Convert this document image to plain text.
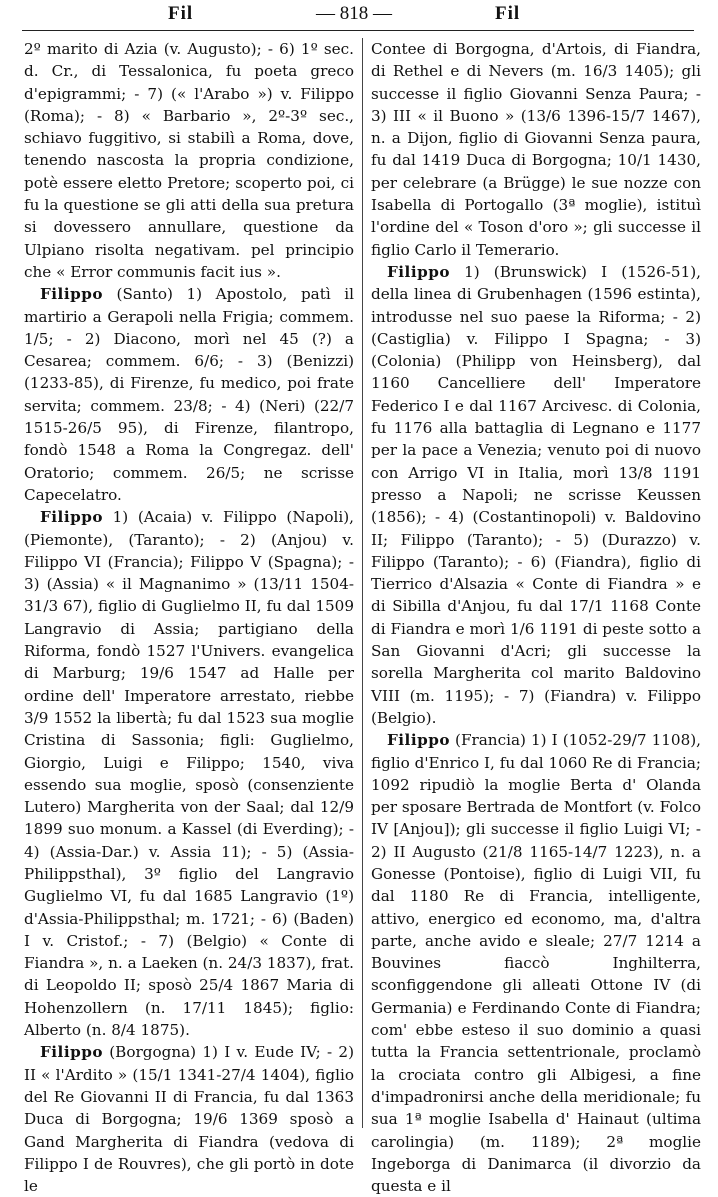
Fil	— 818 —	Fil

2º marito di Azia (v. Augusto); - 6) 1º sec. d. Cr., di Tessalonica, fu poeta greco d'epigrammi; - 7) (« l'Arabo ») v. Filippo (Roma); - 8) « Barbario », 2º-3º sec., schiavo fuggitivo, si stabilì a Roma, dove, tenendo nascosta la propria condizione, potè essere eletto Pretore; scoperto poi, ci fu la questione se gli atti della sua pretura si dovessero annullare, questione da Ulpiano risolta negativam. pel principio che « Error communis facit ius ».

Filippo (Santo) 1) Apostolo, patì il martirio a Gerapoli nella Frigia; commem. 1/5; - 2) Diacono, morì nel 45 (?) a Cesarea; commem. 6/6; - 3) (Benizzi) (1233-85), di Firenze, fu medico, poi frate servita; commem. 23/8; - 4) (Neri) (22/7 1515-26/5 95), di Firenze, filantropo, fondò 1548 a Roma la Congregaz. dell' Oratorio; commem. 26/5; ne scrisse Capecelatro.

Filippo 1) (Acaia) v. Filippo (Napoli), (Piemonte), (Taranto); - 2) (Anjou) v. Filippo VI (Francia); Filippo V (Spagna); - 3) (Assia) « il Magnanimo » (13/11 1504-31/3 67), figlio di Guglielmo II, fu dal 1509 Langravio di Assia; partigiano della Riforma, fondò 1527 l'Univers. evangelica di Marburg; 19/6 1547 ad Halle per ordine dell' Imperatore arrestato, riebbe 3/9 1552 la libertà; fu dal 1523 sua moglie Cristina di Sassonia; figli: Guglielmo, Giorgio, Luigi e Filippo; 1540, viva essendo sua moglie, sposò (consenziente Lutero) Margherita von der Saal; dal 12/9 1899 suo monum. a Kassel (di Everding); - 4) (Assia-Dar.) v. Assia 11); - 5) (Assia-Philippsthal), 3º figlio del Langravio Guglielmo VI, fu dal 1685 Langravio (1º) d'Assia-Philippsthal; m. 1721; - 6) (Baden) I v. Cristof.; - 7) (Belgio) « Conte di Fiandra », n. a Laeken (n. 24/3 1837), frat. di Leopoldo II; sposò 25/4 1867 Maria di Hohenzollern (n. 17/11 1845); figlio: Alberto (n. 8/4 1875).

Filippo (Borgogna) 1) I v. Eude IV; - 2) II « l'Ardito » (15/1 1341-27/4 1404), figlio del Re Giovanni II di Francia, fu dal 1363 Duca di Borgogna; 19/6 1369 sposò a Gand Margherita di Fiandra (vedova di Filippo I de Rouvres), che gli portò in dote le

Contee di Borgogna, d'Artois, di Fiandra, di Rethel e di Nevers (m. 16/3 1405); gli successe il figlio Giovanni Senza Paura; - 3) III « il Buono » (13/6 1396-15/7 1467), n. a Dijon, figlio di Giovanni Senza paura, fu dal 1419 Duca di Borgogna; 10/1 1430, per celebrare (a Brügge) le sue nozze con Isabella di Portogallo (3ª moglie), istituì l'ordine del « Toson d'oro »; gli successe il figlio Carlo il Temerario.

Filippo 1) (Brunswick) I (1526-51), della linea di Grubenhagen (1596 estinta), introdusse nel suo paese la Riforma; - 2) (Castiglia) v. Filippo I Spagna; - 3) (Colonia) (Philipp von Heinsberg), dal 1160 Cancelliere dell' Imperatore Federico I e dal 1167 Arcivesc. di Colonia, fu 1176 alla battaglia di Legnano e 1177 per la pace a Venezia; venuto poi di nuovo con Arrigo VI in Italia, morì 13/8 1191 presso a Napoli; ne scrisse Keussen (1856); - 4) (Costantinopoli) v. Baldovino II; Filippo (Taranto); - 5) (Durazzo) v. Filippo (Taranto); - 6) (Fiandra), figlio di Tierrico d'Alsazia « Conte di Fiandra » e di Sibilla d'Anjou, fu dal 17/1 1168 Conte di Fiandra e morì 1/6 1191 di peste sotto a San Giovanni d'Acri; gli successe la sorella Margherita col marito Baldovino VIII (m. 1195); - 7) (Fiandra) v. Filippo (Belgio).

Filippo (Francia) 1) I (1052-29/7 1108), figlio d'Enrico I, fu dal 1060 Re di Francia; 1092 ripudiò la moglie Berta d' Olanda per sposare Bertrada de Montfort (v. Folco IV [Anjou]); gli successe il figlio Luigi VI; - 2) II Augusto (21/8 1165-14/7 1223), n. a Gonesse (Pontoise), figlio di Luigi VII, fu dal 1180 Re di Francia, intelligente, attivo, energico ed economo, ma, d'altra parte, anche avido e sleale; 27/7 1214 a Bouvines fiaccò Inghilterra, sconfiggendone gli alleati Ottone IV (di Germania) e Ferdinando Conte di Fiandra; com' ebbe esteso il suo dominio a quasi tutta la Francia settentrionale, proclamò la crociata contro gli Albigesi, a fine d'impadronirsi anche della meridionale; fu sua 1ª moglie Isabella d' Hainaut (ultima carolingia) (m. 1189); 2ª moglie Ingeborga di Danimarca (il divorzio da questa e il
